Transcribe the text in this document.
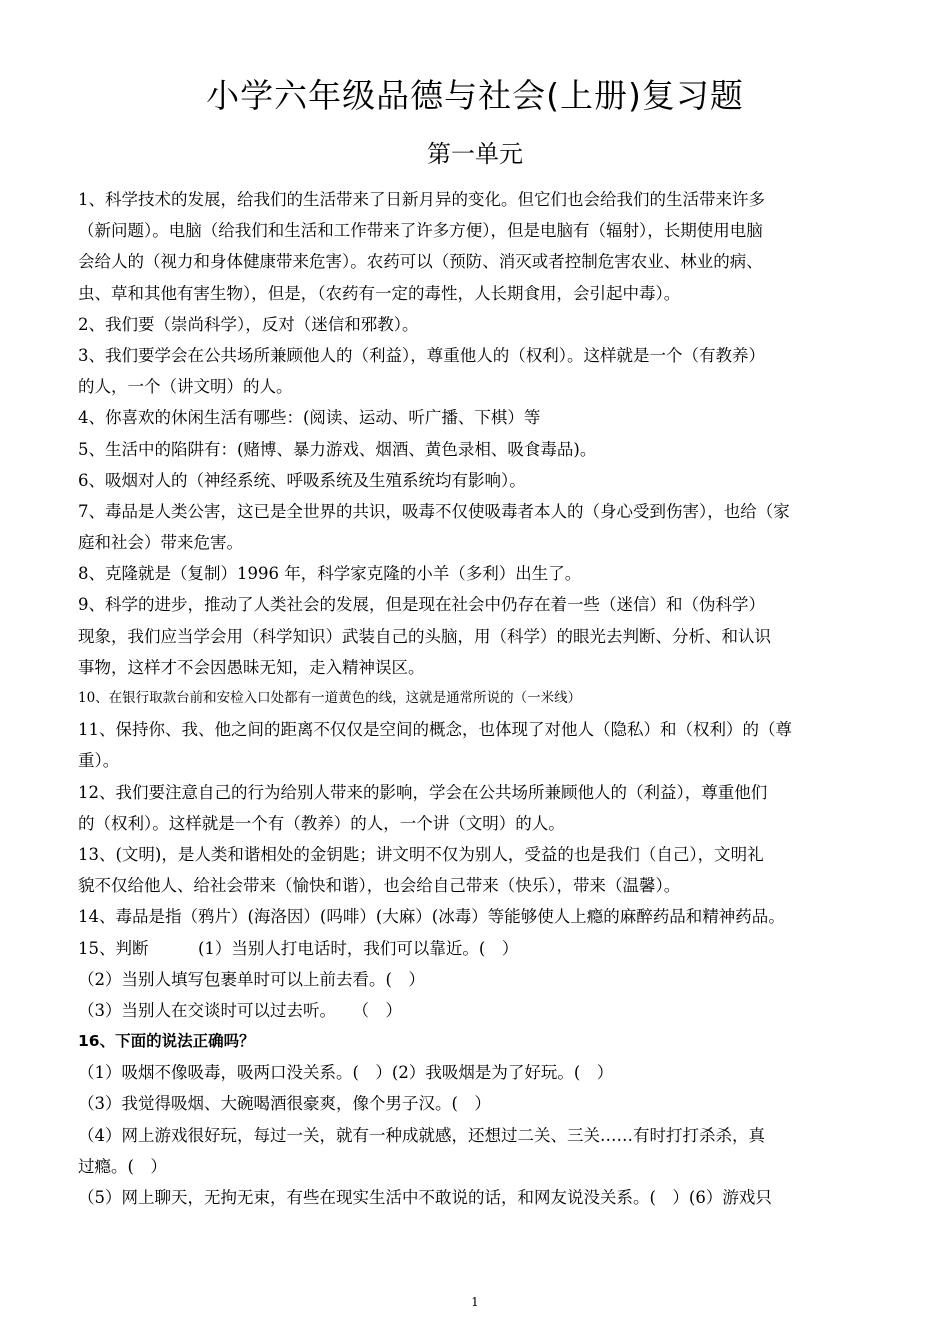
小学六年级品德与社会(上册)复习题
第一单元
1、科学技术的发展，给我们的生活带来了日新月异的变化。但它们也会给我们的生活带来许多
（新问题）。电脑（给我们和生活和工作带来了许多方便），但是电脑有（辐射），长期使用电脑
会给人的（视力和身体健康带来危害）。农药可以（预防、消灭或者控制危害农业、林业的病、
虫、草和其他有害生物），但是，（农药有一定的毒性，人长期食用，会引起中毒）。
2、我们要（崇尚科学），反对（迷信和邪教）。
3、我们要学会在公共场所兼顾他人的（利益），尊重他人的（权利）。这样就是一个（有教养）
的人，一个（讲文明）的人。
4、你喜欢的休闲生活有哪些：(阅读、运动、听广播、下棋）等
5、生活中的陷阱有：(赌博、暴力游戏、烟酒、黄色录相、吸食毒品)。
6、吸烟对人的（神经系统、呼吸系统及生殖系统均有影响）。
7、毒品是人类公害，这已是全世界的共识，吸毒不仅使吸毒者本人的（身心受到伤害），也给（家
庭和社会）带来危害。
8、克隆就是（复制）1996 年，科学家克隆的小羊（多利）出生了。
9、科学的进步，推动了人类社会的发展，但是现在社会中仍存在着一些（迷信）和（伪科学）
现象，我们应当学会用（科学知识）武装自己的头脑，用（科学）的眼光去判断、分析、和认识
事物，这样才不会因愚昧无知，走入精神误区。
10、在银行取款台前和安检入口处都有一道黄色的线，这就是通常所说的（一米线）
11、保持你、我、他之间的距离不仅仅是空间的概念，也体现了对他人（隐私）和（权利）的（尊
重）。
12、我们要注意自己的行为给别人带来的影响，学会在公共场所兼顾他人的（利益），尊重他们
的（权利）。这样就是一个有（教养）的人，一个讲（文明）的人。
13、(文明)，是人类和谐相处的金钥匙；讲文明不仅为别人，受益的也是我们（自己），文明礼
貌不仅给他人、给社会带来（愉快和谐），也会给自己带来（快乐），带来（温馨）。
14、毒品是指（鸦片）(海洛因）(吗啡）(大麻）(冰毒）等能够使人上瘾的麻醉药品和精神药品。
15、判断　　　(1）当别人打电话时，我们可以靠近。(　）
（2）当别人填写包裹单时可以上前去看。(　）
（3）当别人在交谈时可以过去听。　　（　）
16、下面的说法正确吗？
（1）吸烟不像吸毒，吸两口没关系。(　）(2）我吸烟是为了好玩。(　）
（3）我觉得吸烟、大碗喝酒很豪爽，像个男子汉。(　）
（4）网上游戏很好玩，每过一关，就有一种成就感，还想过二关、三关……有时打打杀杀，真
过瘾。(　）
（5）网上聊天，无拘无束，有些在现实生活中不敢说的话，和网友说没关系。(　）(6）游戏只
1
